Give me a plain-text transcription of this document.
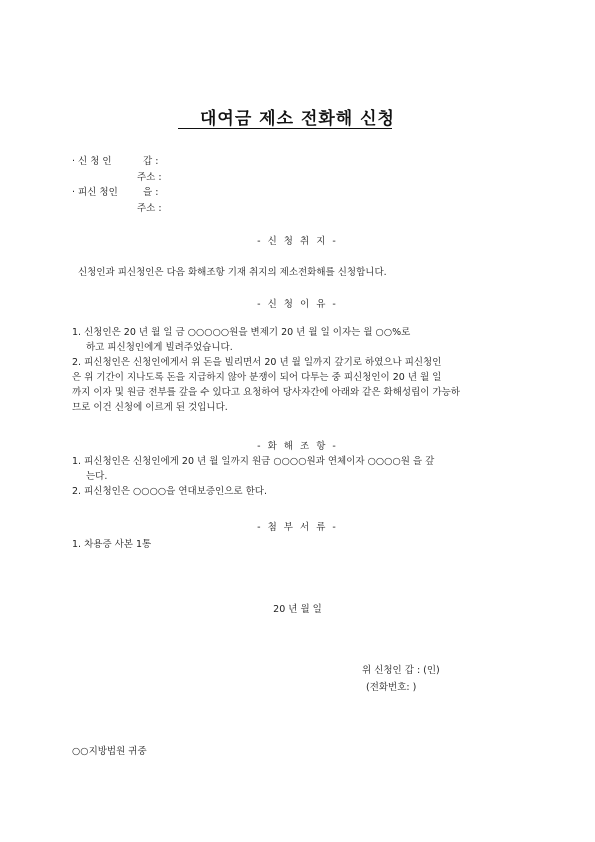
대여금 제소 전화해 신청
· 신 청 인	갑 :
주소 :
· 피신 청인	을 :
주소 :
- 신 청 취 지 -
신청인과 피신청인은 다음 화해조항 기재 취지의 제소전화해를 신청합니다.
- 신 청 이 유 -
1. 신청인은 20 년 월 일 금 ○○○○○원을 변제기 20 년 월 일 이자는 월 ○○%로
하고 피신청인에게 빌려주었습니다.
2. 피신청인은 신청인에게서 위 돈을 빌리면서 20 년 월 일까지 갚기로 하였으나 피신청인
은 위 기간이 지나도록 돈을 지급하지 않아 분쟁이 되어 다투는 중 피신청인이 20 년 월 일
까지 이자 및 원금 전부를 갚을 수 있다고 요청하여 당사자간에 아래와 같은 화해성립이 가능하
므로 이건 신청에 이르게 된 것입니다.
- 화 해 조 항 -
1. 피신청인은 신청인에게 20 년 월 일까지 원금 ○○○○원과 연체이자 ○○○○원 을 갚
는다.
2. 피신청인은 ○○○○을 연대보증인으로 한다.
- 첨 부 서 류 -
1. 차용증 사본 1통
20 년 월 일
위 신청인 갑 : (인)
(전화번호: )
○○지방법원 귀중
